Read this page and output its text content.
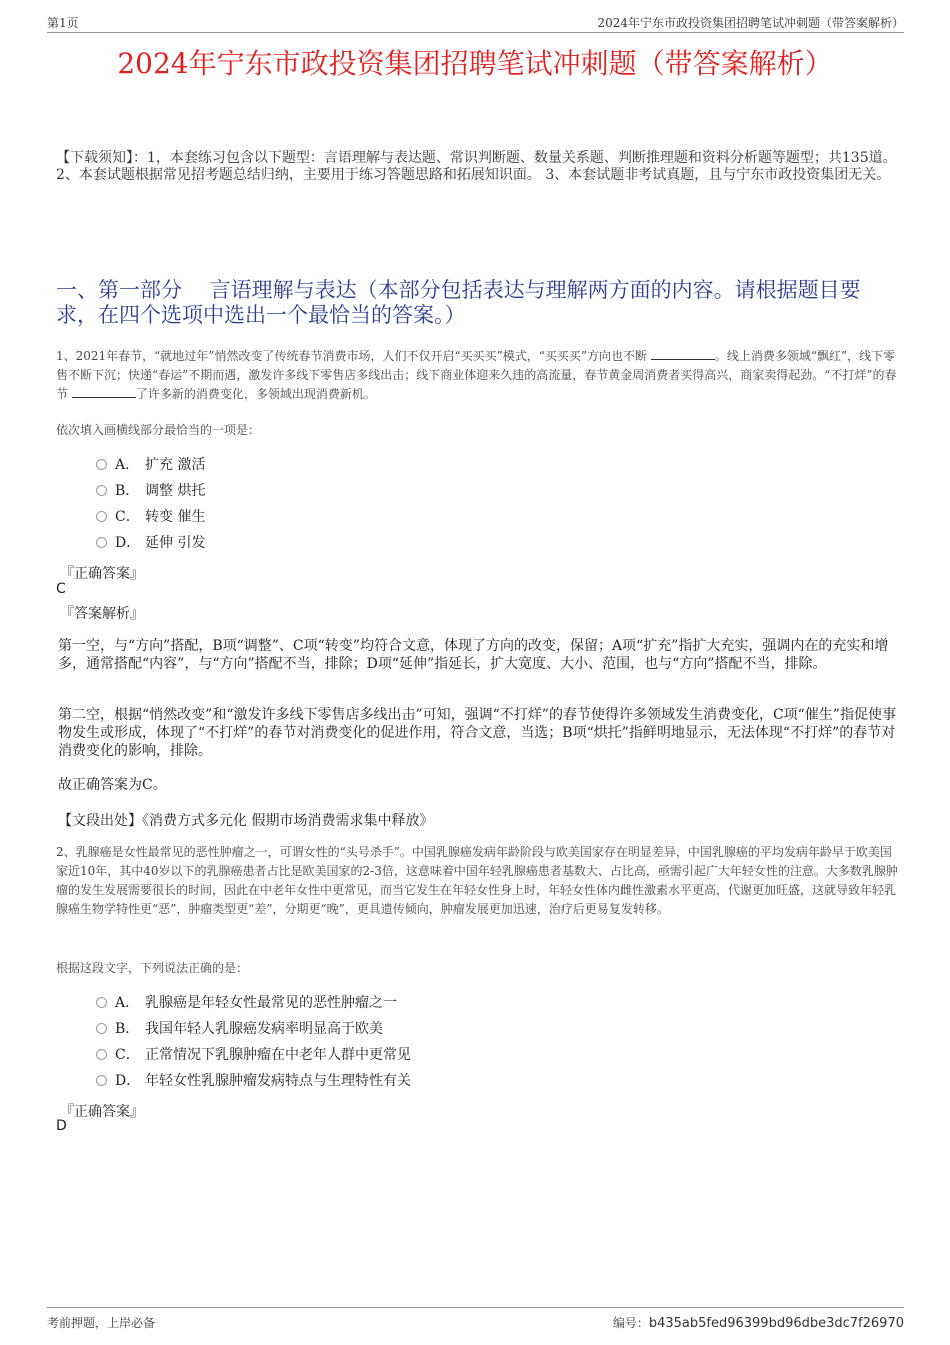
第1页	2024年宁东市政投资集团招聘笔试冲刺题（带答案解析）
2024年宁东市政投资集团招聘笔试冲刺题（带答案解析）
【下载须知】：1，本套练习包含以下题型：言语理解与表达题、常识判断题、数量关系题、判断推理题和资料分析题等题型；共135道。 2、本套试题根据常见招考题总结归纳，主要用于练习答题思路和拓展知识面。 3、本套试题非考试真题，且与宁东市政投资集团无关。
一、第一部分　 言语理解与表达（本部分包括表达与理解两方面的内容。请根据题目要求，在四个选项中选出一个最恰当的答案。）
1、2021年春节，“就地过年”悄然改变了传统春节消费市场，人们不仅开启“买买买”模式，“买买买”方向也不断	。线上消费多领域“飘红”，线下零售不断下沉；快递“春运”不期而遇，激发许多线下零售店多线出击；线下商业体迎来久违的高流量，春节黄金周消费者买得高兴，商家卖得起劲。“不打烊”的春节	了许多新的消费变化，多领域出现消费新机。
依次填入画横线部分最恰当的一项是：
A． 扩充 激活
B． 调整 烘托
C． 转变 催生
D． 延伸 引发
『正确答案』
C
『答案解析』
第一空，与“方向”搭配，B项“调整”、C项“转变”均符合文意，体现了方向的改变，保留；A项“扩充”指扩大充实，强调内在的充实和增多，通常搭配“内容”，与“方向”搭配不当，排除；D项“延伸”指延长，扩大宽度、大小、范围，也与“方向”搭配不当，排除。
第二空，根据“悄然改变”和“激发许多线下零售店多线出击”可知，强调“不打烊”的春节使得许多领域发生消费变化，C项“催生”指促使事物发生或形成，体现了“不打烊”的春节对消费变化的促进作用，符合文意，当选；B项“烘托”指鲜明地显示，无法体现“不打烊”的春节对消费变化的影响，排除。
故正确答案为C。
【文段出处】《消费方式多元化 假期市场消费需求集中释放》
2、乳腺癌是女性最常见的恶性肿瘤之一，可谓女性的“头号杀手”。中国乳腺癌发病年龄阶段与欧美国家存在明显差异，中国乳腺癌的平均发病年龄早于欧美国家近10年，其中40岁以下的乳腺癌患者占比是欧美国家的2-3倍，这意味着中国年轻乳腺癌患者基数大、占比高，亟需引起广大年轻女性的注意。大多数乳腺肿瘤的发生发展需要很长的时间，因此在中老年女性中更常见，而当它发生在年轻女性身上时，年轻女性体内雌性激素水平更高，代谢更加旺盛，这就导致年轻乳腺癌生物学特性更“恶”，肿瘤类型更“差”，分期更“晚”，更具遗传倾向，肿瘤发展更加迅速，治疗后更易复发转移。
根据这段文字，下列说法正确的是：
A． 乳腺癌是年轻女性最常见的恶性肿瘤之一
B． 我国年轻人乳腺癌发病率明显高于欧美
C． 正常情况下乳腺肿瘤在中老年人群中更常见
D． 年轻女性乳腺肿瘤发病特点与生理特性有关
『正确答案』
D
考前押题，上岸必备	编号：b435ab5fed96399bd96dbe3dc7f26970
